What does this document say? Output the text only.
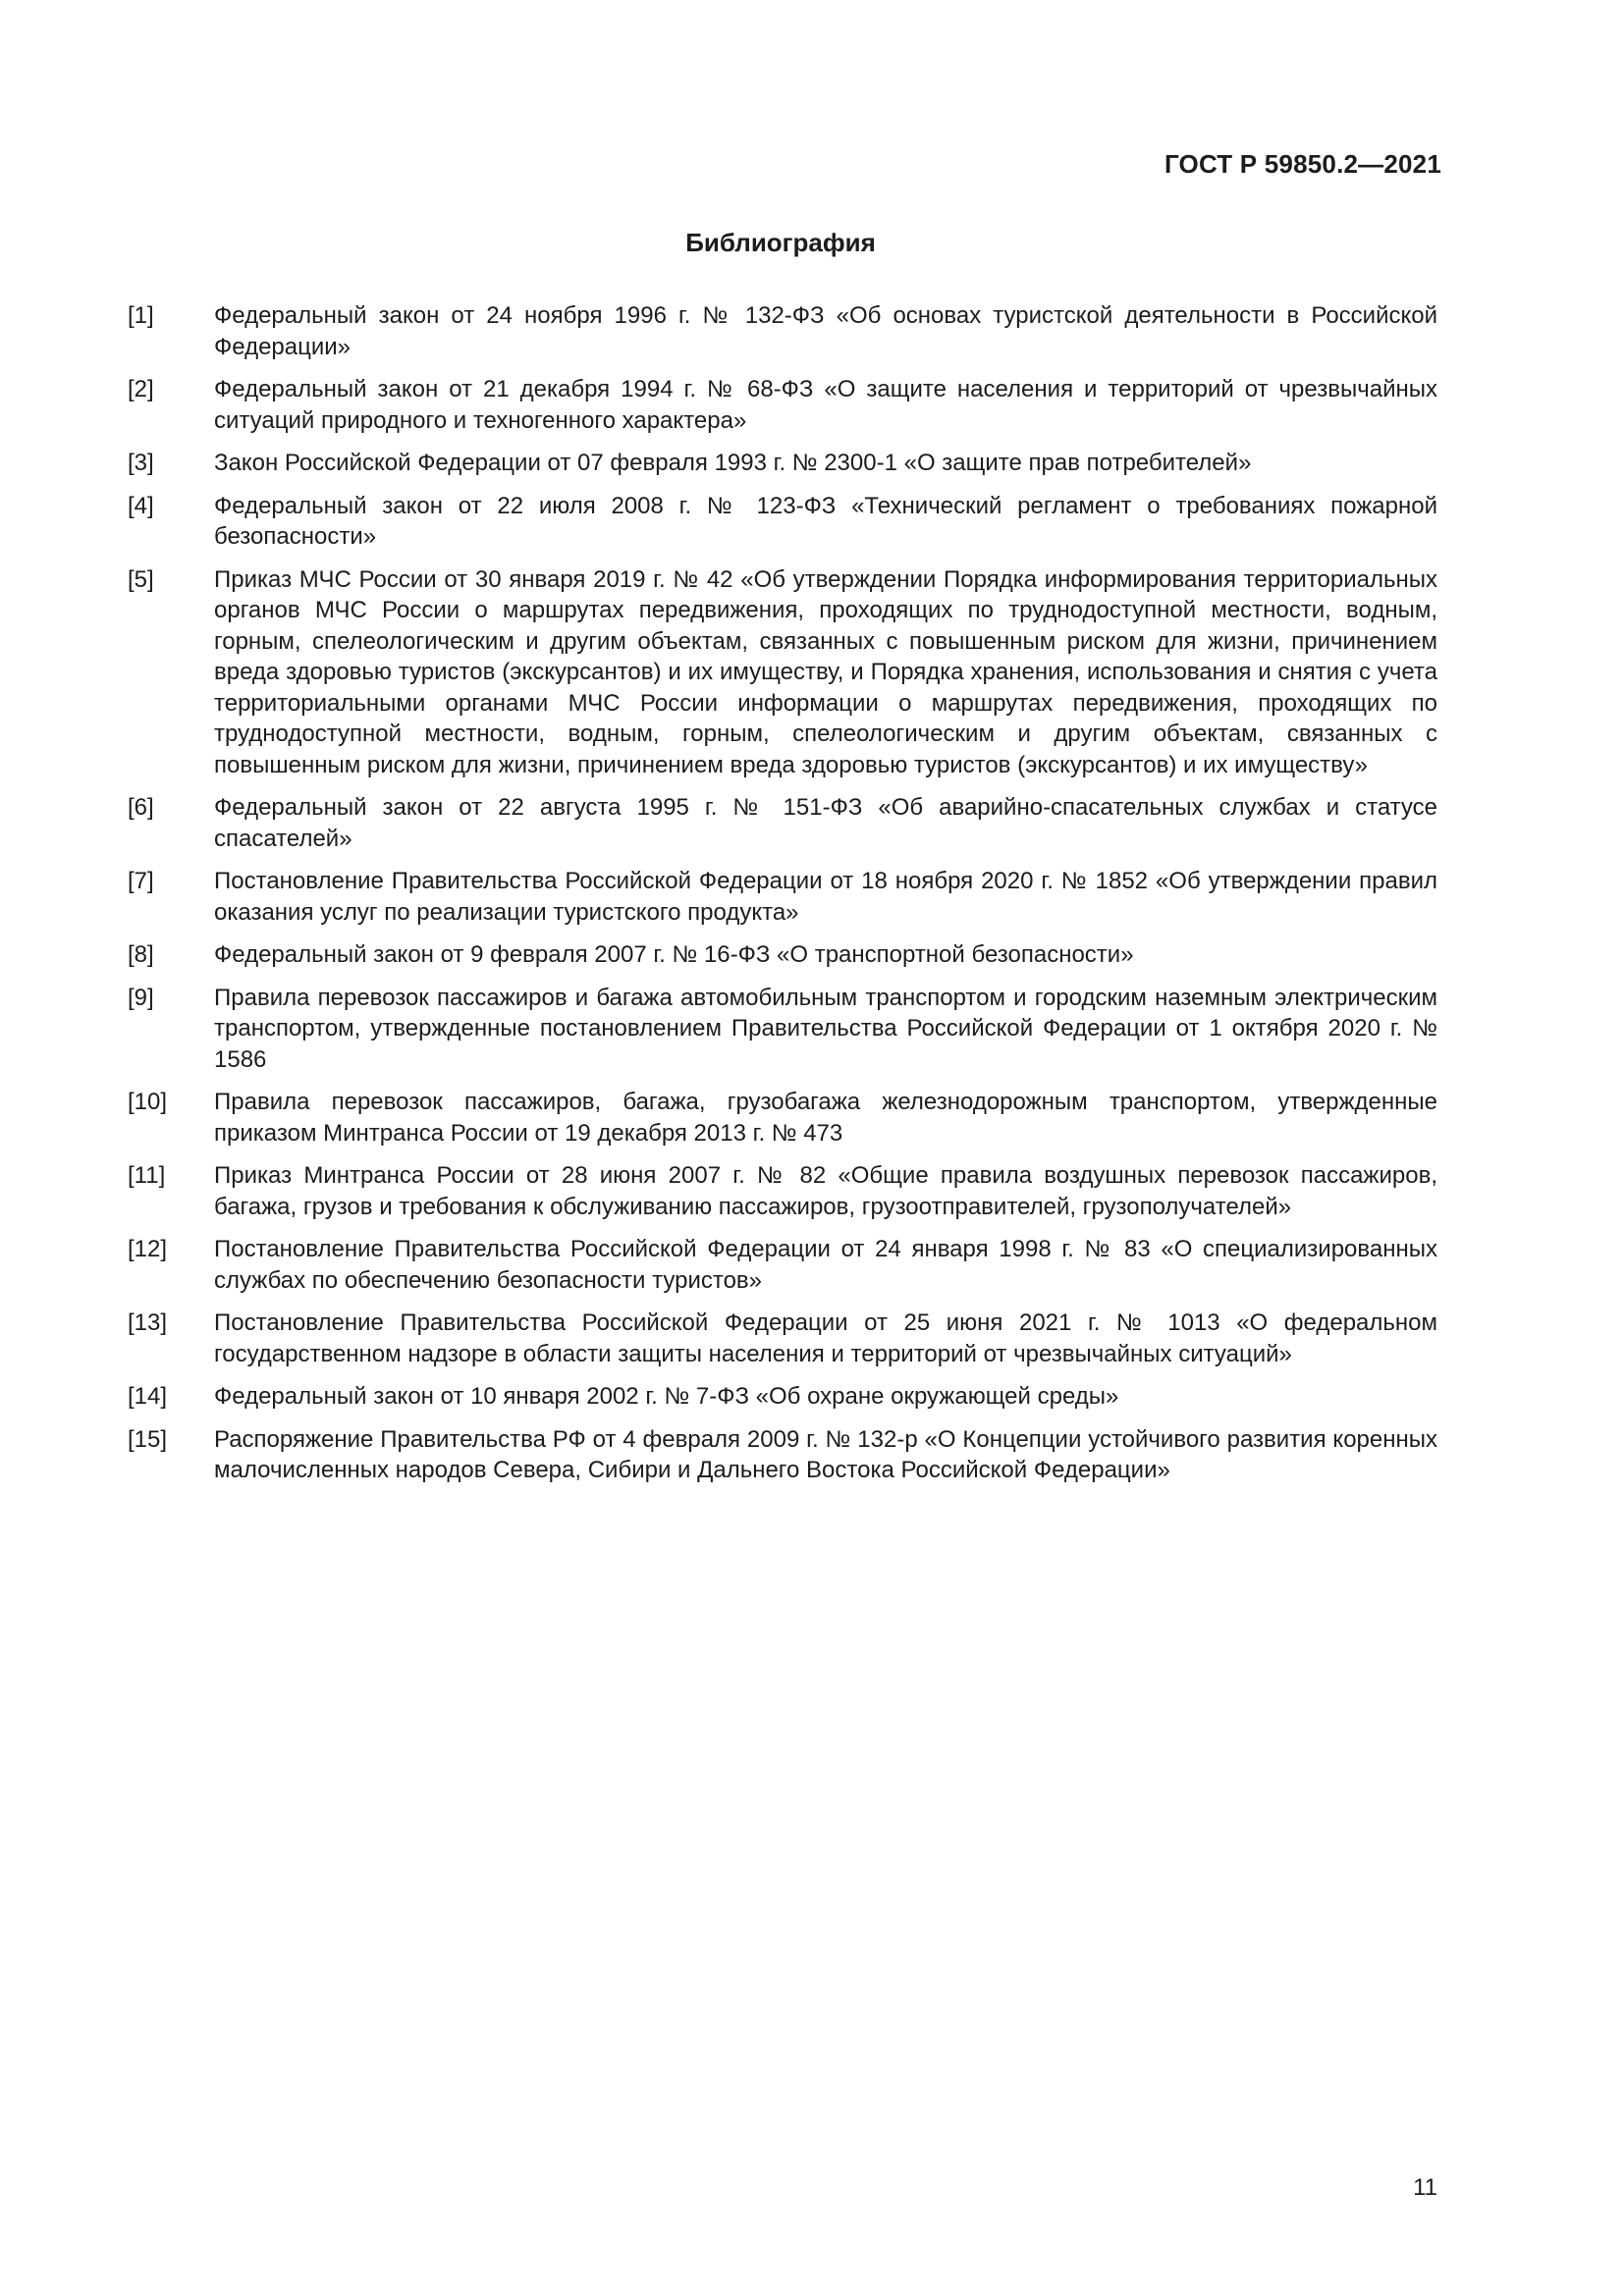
ГОСТ Р 59850.2—2021
Библиография
[1]	Федеральный закон от 24 ноября 1996 г. № 132-ФЗ «Об основах туристской деятельности в Российской Федерации»
[2]	Федеральный закон от 21 декабря 1994 г. № 68-ФЗ «О защите населения и территорий от чрезвычайных ситуаций природного и техногенного характера»
[3]	Закон Российской Федерации от 07 февраля 1993 г. № 2300-1 «О защите прав потребителей»
[4]	Федеральный закон от 22 июля 2008 г. № 123-ФЗ «Технический регламент о требованиях пожарной безопасности»
[5]	Приказ МЧС России от 30 января 2019 г. № 42 «Об утверждении Порядка информирования территориальных органов МЧС России о маршрутах передвижения, проходящих по труднодоступной местности, водным, горным, спелеологическим и другим объектам, связанных с повышенным риском для жизни, причинением вреда здоровью туристов (экскурсантов) и их имуществу, и Порядка хранения, использования и снятия с учета территориальными органами МЧС России информации о маршрутах передвижения, проходящих по труднодоступной местности, водным, горным, спелеологическим и другим объектам, связанных с повышенным риском для жизни, причинением вреда здоровью туристов (экскурсантов) и их имуществу»
[6]	Федеральный закон от 22 августа 1995 г. № 151-ФЗ «Об аварийно-спасательных службах и статусе спасателей»
[7]	Постановление Правительства Российской Федерации от 18 ноября 2020 г. № 1852 «Об утверждении правил оказания услуг по реализации туристского продукта»
[8]	Федеральный закон от 9 февраля 2007 г. № 16-ФЗ «О транспортной безопасности»
[9]	Правила перевозок пассажиров и багажа автомобильным транспортом и городским наземным электрическим транспортом, утвержденные постановлением Правительства Российской Федерации от 1 октября 2020 г. № 1586
[10]	Правила перевозок пассажиров, багажа, грузобагажа железнодорожным транспортом, утвержденные приказом Минтранса России от 19 декабря 2013 г. № 473
[11]	Приказ Минтранса России от 28 июня 2007 г. № 82 «Общие правила воздушных перевозок пассажиров, багажа, грузов и требования к обслуживанию пассажиров, грузоотправителей, грузополучателей»
[12]	Постановление Правительства Российской Федерации от 24 января 1998 г. № 83 «О специализированных службах по обеспечению безопасности туристов»
[13]	Постановление Правительства Российской Федерации от 25 июня 2021 г. № 1013 «О федеральном государственном надзоре в области защиты населения и территорий от чрезвычайных ситуаций»
[14]	Федеральный закон от 10 января 2002 г. № 7-ФЗ «Об охране окружающей среды»
[15]	Распоряжение Правительства РФ от 4 февраля 2009 г. № 132-р «О Концепции устойчивого развития коренных малочисленных народов Севера, Сибири и Дальнего Востока Российской Федерации»
11
